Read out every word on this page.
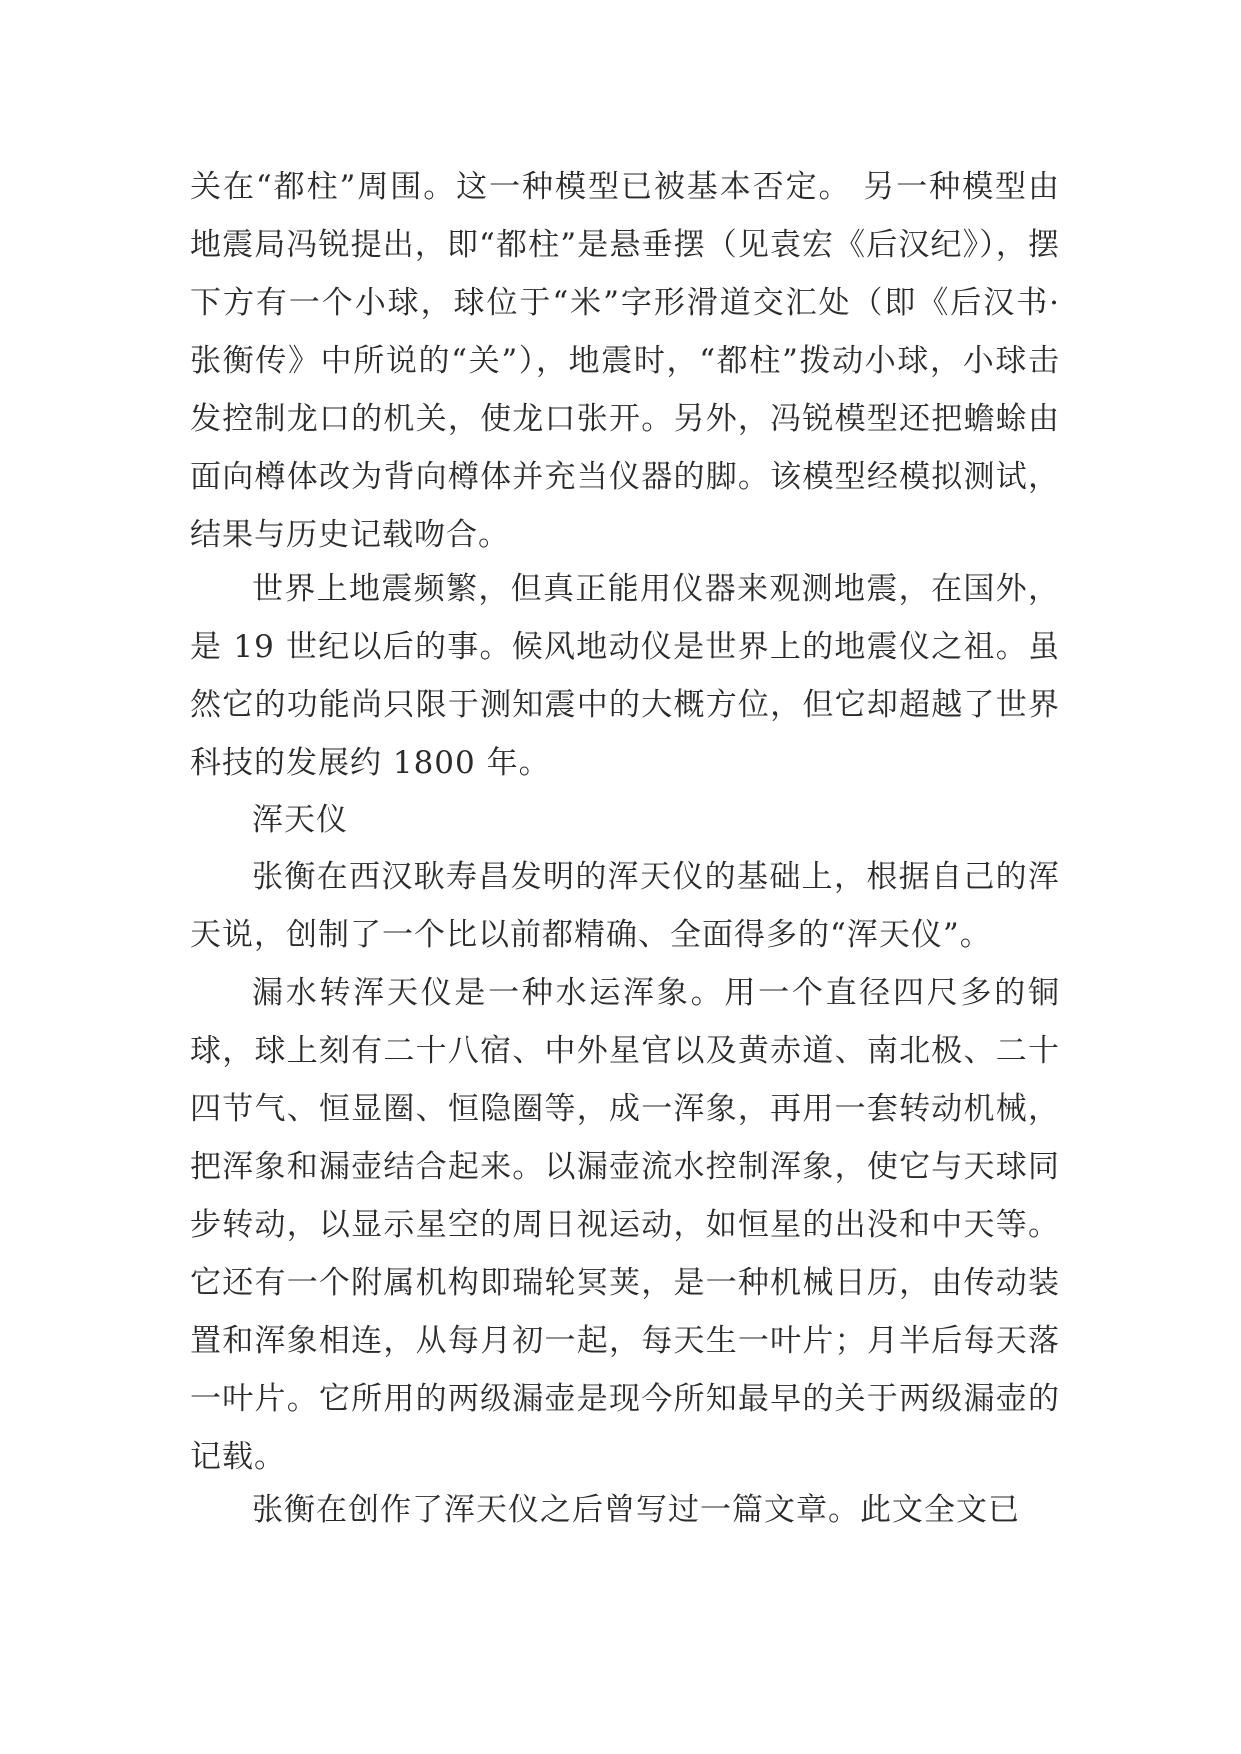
关在“都柱”周围。这一种模型已被基本否定。 另一种模型由地震局冯锐提出，即“都柱”是悬垂摆（见袁宏《后汉纪》），摆下方有一个小球，球位于“米”字形滑道交汇处（即《后汉书·张衡传》中所说的“关”），地震时，“都柱”拨动小球，小球击发控制龙口的机关，使龙口张开。另外，冯锐模型还把蟾蜍由面向樽体改为背向樽体并充当仪器的脚。该模型经模拟测试，结果与历史记载吻合。

世界上地震频繁，但真正能用仪器来观测地震，在国外，是 19 世纪以后的事。候风地动仪是世界上的地震仪之祖。虽然它的功能尚只限于测知震中的大概方位，但它却超越了世界科技的发展约 1800 年。

浑天仪

张衡在西汉耿寿昌发明的浑天仪的基础上，根据自己的浑天说，创制了一个比以前都精确、全面得多的“浑天仪”。

漏水转浑天仪是一种水运浑象。用一个直径四尺多的铜球，球上刻有二十八宿、中外星官以及黄赤道、南北极、二十四节气、恒显圈、恒隐圈等，成一浑象，再用一套转动机械，把浑象和漏壶结合起来。以漏壶流水控制浑象，使它与天球同步转动，以显示星空的周日视运动，如恒星的出没和中天等。它还有一个附属机构即瑞轮冥荚，是一种机械日历，由传动装置和浑象相连，从每月初一起，每天生一叶片；月半后每天落一叶片。它所用的两级漏壶是现今所知最早的关于两级漏壶的记载。

张衡在创作了浑天仪之后曾写过一篇文章。此文全文已
